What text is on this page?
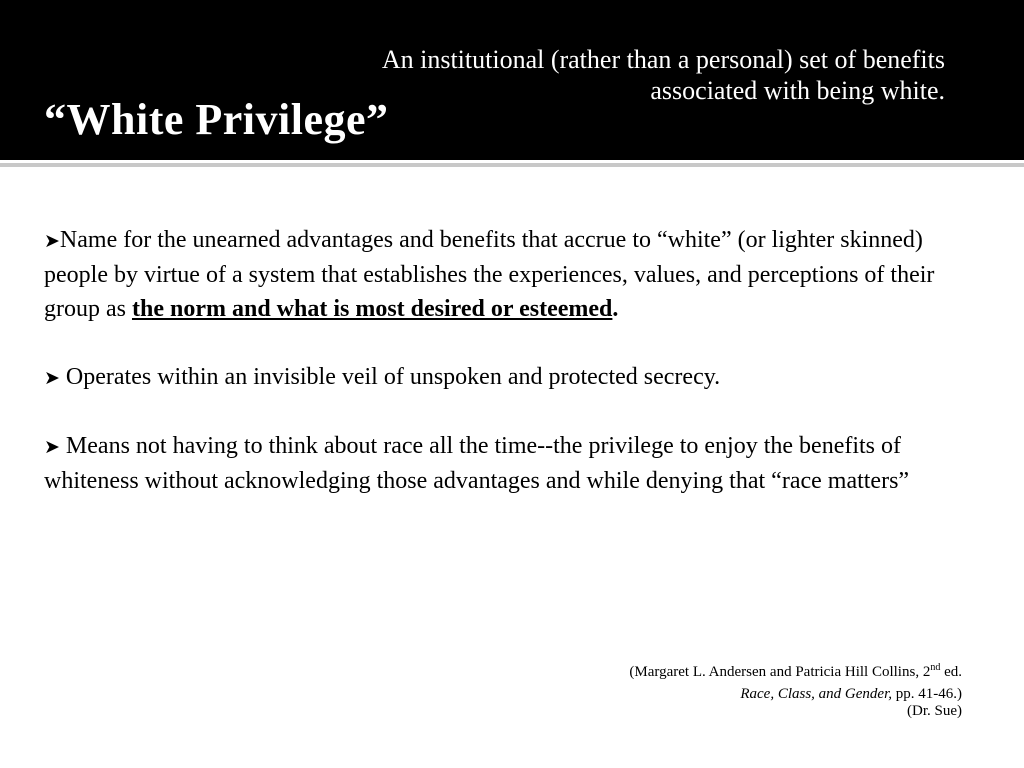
An institutional (rather than a personal) set of benefits associated with being white.
“White Privilege”

➤Name for the unearned advantages and benefits that accrue to “white” (or lighter skinned) people by virtue of a system that establishes the experiences, values, and perceptions of their group as the norm and what is most desired or esteemed.

➤ Operates within an invisible veil of unspoken and protected secrecy.

➤ Means not having to think about race all the time--the privilege to enjoy the benefits of whiteness without acknowledging those advantages and while denying that “race matters”

(Margaret L. Andersen and Patricia Hill Collins, 2nd ed.
Race, Class, and Gender, pp. 41-46.)
(Dr. Sue)
